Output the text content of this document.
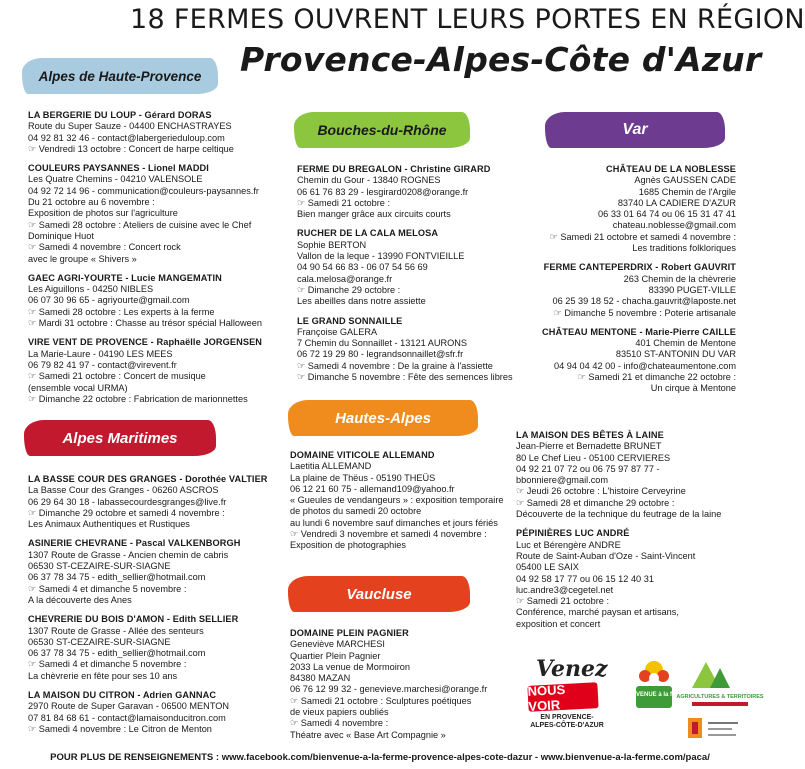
18 FERMES OUVRENT LEURS PORTES EN RÉGION
Provence-Alpes-Côte d'Azur
Alpes de Haute-Provence
Bouches-du-Rhône	Var
Alpes Maritimes
Hautes-Alpes
Vaucluse
LA BERGERIE DU LOUP - Gérard DORAS
Route du Super Sauze - 04400 ENCHASTRAYES
04 92 81 32 46 - contact@labergerieduloup.com
☞ Vendredi 13 octobre : Concert de harpe celtique
COULEURS PAYSANNES - Lionel MADDI
Les Quatre Chemins - 04210 VALENSOLE
04 92 72 14 96 - communication@couleurs-paysannes.fr
Du 21 octobre au 6 novembre :
Exposition de photos sur l'agriculture
☞ Samedi 28 octobre : Ateliers de cuisine avec le Chef
Dominique Huot
☞ Samedi 4 novembre : Concert rock
avec le groupe « Shivers »
GAEC AGRI-YOURTE - Lucie MANGEMATIN
Les Aiguillons - 04250 NIBLES
06 07 30 96 65 - agriyourte@gmail.com
☞ Samedi 28 octobre : Les experts à la ferme
☞ Mardi 31 octobre : Chasse au trésor spécial Halloween
VIRE VENT DE PROVENCE - Raphaëlle JORGENSEN
La Marie-Laure - 04190 LES MEES
06 79 82 41 97 - contact@virevent.fr
☞ Samedi 21 octobre : Concert de musique
(ensemble vocal URMA)
☞ Dimanche 22 octobre : Fabrication de marionnettes
LA BASSE COUR DES GRANGES - Dorothée VALTIER
La Basse Cour des Granges - 06260 ASCROS
06 29 64 30 18 - labassecourdesgranges@live.fr
☞ Dimanche 29 octobre et samedi 4 novembre :
Les Animaux Authentiques et Rustiques
ASINERIE CHEVRANE - Pascal VALKENBORGH
1307 Route de Grasse - Ancien chemin de cabris
06530 ST-CEZAIRE-SUR-SIAGNE
06 37 78 34 75 - edith_sellier@hotmail.com
☞ Samedi 4 et dimanche 5 novembre :
A la découverte des Anes
CHEVRERIE DU BOIS D'AMON - Edith SELLIER
1307 Route de Grasse - Allée des senteurs
06530 ST-CEZAIRE-SUR-SIAGNE
06 37 78 34 75 - edith_sellier@hotmail.com
☞ Samedi 4 et dimanche 5 novembre :
La chèvrerie en fête pour ses 10 ans
LA MAISON DU CITRON - Adrien GANNAC
2970 Route de Super Garavan - 06500 MENTON
07 81 84 68 61 - contact@lamaisonducitron.com
☞ Samedi 4 novembre : Le Citron de Menton
FERME DU BREGALON - Christine GIRARD
Chemin du Gour - 13840 ROGNES
06 61 76 83 29 - lesgirard0208@orange.fr
☞ Samedi 21 octobre :
Bien manger grâce aux circuits courts
RUCHER DE LA CALA MELOSA
Sophie BERTON
Vallon de la leque - 13990 FONTVIEILLE
04 90 54 66 83 - 06 07 54 56 69
cala.melosa@orange.fr
☞ Dimanche 29 octobre :
Les abeilles dans notre assiette
LE GRAND SONNAILLE
Françoise GALERA
7 Chemin du Sonnaillet - 13121 AURONS
06 72 19 29 80 - legrandsonnaillet@sfr.fr
☞ Samedi 4 novembre : De la graine à l'assiette
☞ Dimanche 5 novembre : Fête des semences libres
DOMAINE VITICOLE ALLEMAND
Laetitia ALLEMAND
La plaine de Thëus - 05190 THEÜS
06 12 21 60 75 - allemand109@yahoo.fr
« Gueules de vendangeurs » : exposition temporaire
de photos du samedi 20 octobre
au lundi 6 novembre sauf dimanches et jours fériés
☞ Vendredi 3 novembre et samedi 4 novembre :
Exposition de photographies
DOMAINE PLEIN PAGNIER
Geneviève MARCHESI
Quartier Plein Pagnier
2033 La venue de Mormoiron
84380 MAZAN
06 76 12 99 32 - genevieve.marchesi@orange.fr
☞ Samedi 21 octobre : Sculptures poétiques
de vieux papiers oubliés
☞ Samedi 4 novembre :
Théatre avec « Base Art Compagnie »
CHÂTEAU DE LA NOBLESSE
Agnès GAUSSEN CADE
1685 Chemin de l'Argile
83740 LA CADIERE D'AZUR
06 33 01 64 74 ou 06 15 31 47 41
chateau.noblesse@gmail.com
☞ Samedi 21 octobre et samedi 4 novembre :
Les traditions folkloriques
FERME CANTEPERDRIX - Robert GAUVRIT
263 Chemin de la chèvrerie
83390 PUGET-VILLE
06 25 39 18 52 - chacha.gauvrit@laposte.net
☞ Dimanche 5 novembre : Poterie artisanale
CHÂTEAU MENTONE - Marie-Pierre CAILLE
401 Chemin de Mentone
83510 ST-ANTONIN DU VAR
04 94 04 42 00 - info@chateaumentone.com
☞ Samedi 21 et dimanche 22 octobre :
Un cirque à Mentone
LA MAISON DES BÊTES À LAINE
Jean-Pierre et Bernadette BRUNET
80 Le Chef Lieu - 05100 CERVIERES
04 92 21 07 72 ou 06 75 97 87 77 -
bbonniere@gmail.com
☞ Jeudi 26 octobre : L'histoire Cerveyrine
☞ Samedi 28 et dimanche 29 octobre :
Découverte de la technique du feutrage de la laine
PÉPINIÈRES LUC ANDRÉ
Luc et Bérengère ANDRE
Route de Saint-Auban d'Oze - Saint-Vincent
05400 LE SAIX
04 92 58 17 77 ou 06 15 12 40 31
luc.andre3@cegetel.net
☞ Samedi 21 octobre :
Conférence, marché paysan et artisans,
exposition et concert
Venez
NOUS VOIR
EN PROVENCE-ALPES-CÔTE-D'AZUR
BIENVENUE à la ferme
AGRICULTURES & TERRITOIRES
POUR PLUS DE RENSEIGNEMENTS : www.facebook.com/bienvenue-a-la-ferme-provence-alpes-cote-dazur - www.bienvenue-a-la-ferme.com/paca/
